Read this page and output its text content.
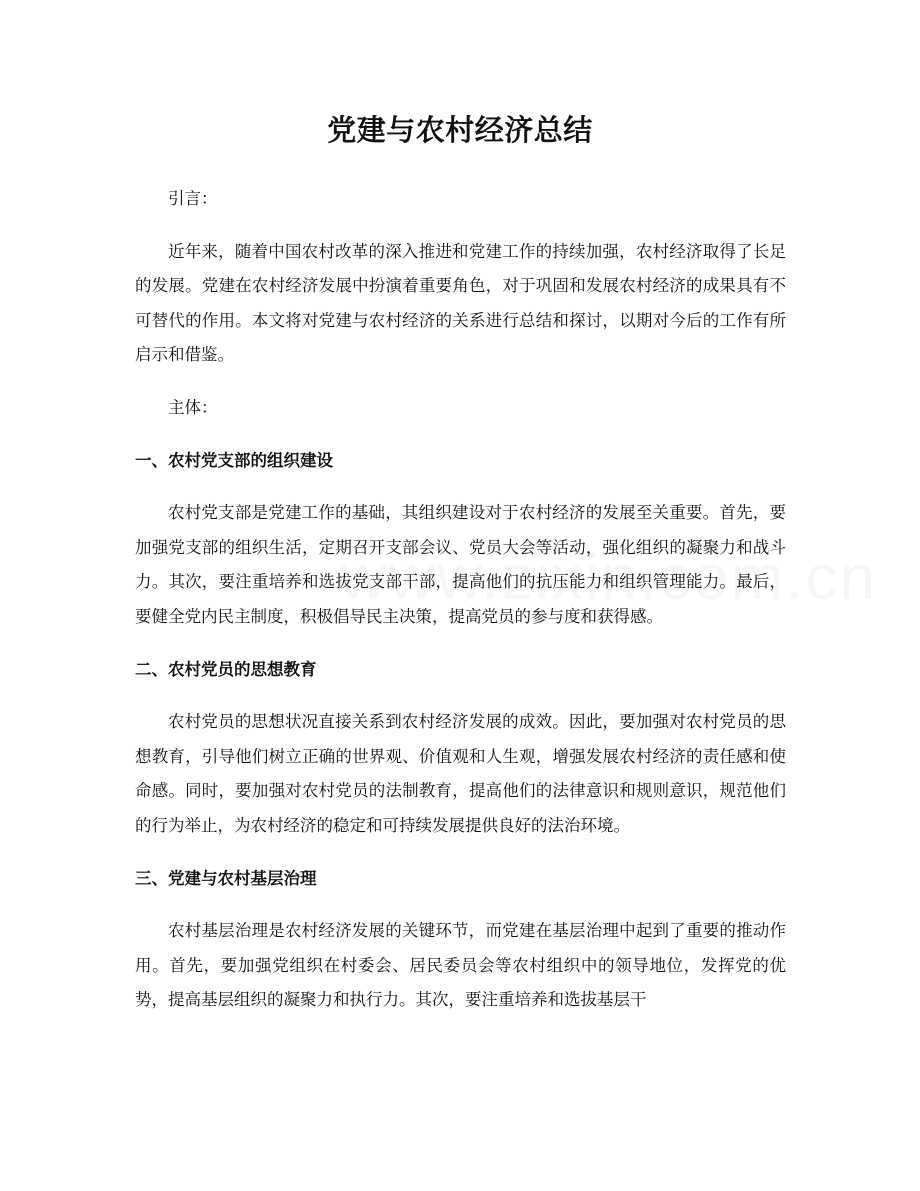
党建与农村经济总结

引言：

近年来，随着中国农村改革的深入推进和党建工作的持续加强，农村经济取得了长足的发展。党建在农村经济发展中扮演着重要角色，对于巩固和发展农村经济的成果具有不可替代的作用。本文将对党建与农村经济的关系进行总结和探讨，以期对今后的工作有所启示和借鉴。

主体：

一、农村党支部的组织建设

农村党支部是党建工作的基础，其组织建设对于农村经济的发展至关重要。首先，要加强党支部的组织生活，定期召开支部会议、党员大会等活动，强化组织的凝聚力和战斗力。其次，要注重培养和选拔党支部干部，提高他们的抗压能力和组织管理能力。最后，要健全党内民主制度，积极倡导民主决策，提高党员的参与度和获得感。

二、农村党员的思想教育

农村党员的思想状况直接关系到农村经济发展的成效。因此，要加强对农村党员的思想教育，引导他们树立正确的世界观、价值观和人生观，增强发展农村经济的责任感和使命感。同时，要加强对农村党员的法制教育，提高他们的法律意识和规则意识，规范他们的行为举止，为农村经济的稳定和可持续发展提供良好的法治环境。

三、党建与农村基层治理

农村基层治理是农村经济发展的关键环节，而党建在基层治理中起到了重要的推动作用。首先，要加强党组织在村委会、居民委员会等农村组织中的领导地位，发挥党的优势，提高基层组织的凝聚力和执行力。其次，要注重培养和选拔基层干
